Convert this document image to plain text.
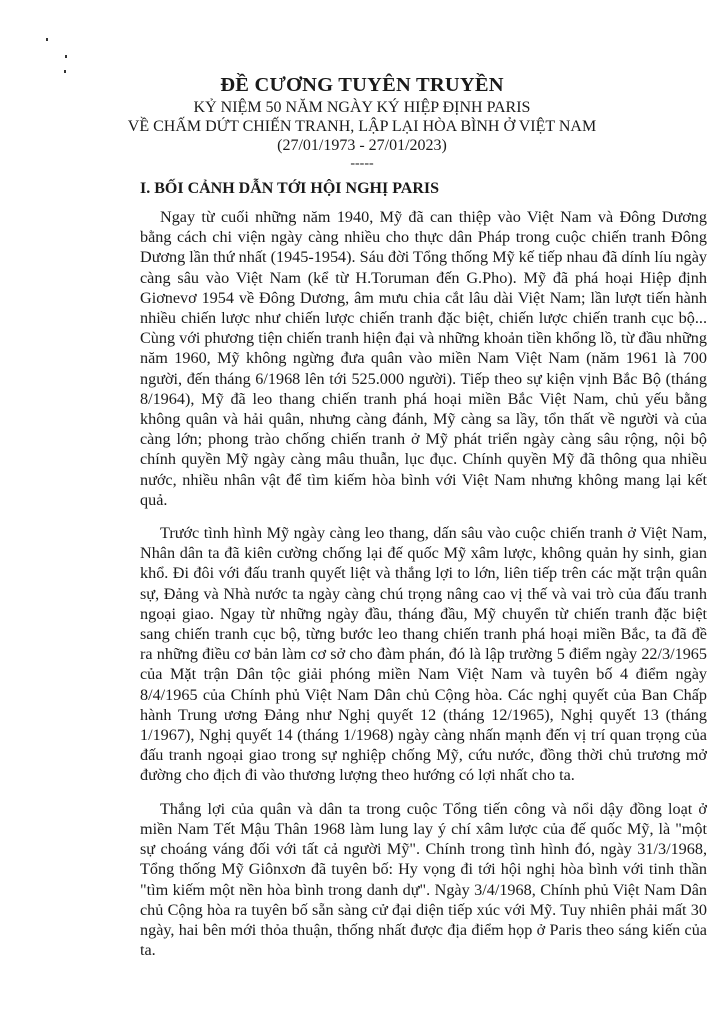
ĐỀ CƯƠNG TUYÊN TRUYỀN
KỶ NIỆM 50 NĂM NGÀY KÝ HIỆP ĐỊNH PARIS
VỀ CHẤM DỨT CHIẾN TRANH, LẬP LẠI HÒA BÌNH Ở VIỆT NAM
(27/01/1973 - 27/01/2023)
-----
I. BỐI CẢNH DẪN TỚI HỘI NGHỊ PARIS

Ngay từ cuối những năm 1940, Mỹ đã can thiệp vào Việt Nam và Đông Dương bằng cách chi viện ngày càng nhiều cho thực dân Pháp trong cuộc chiến tranh Đông Dương lần thứ nhất (1945-1954). Sáu đời Tổng thống Mỹ kế tiếp nhau đã dính líu ngày càng sâu vào Việt Nam (kể từ H.Toruman đến G.Pho). Mỹ đã phá hoại Hiệp định Giơnevơ 1954 về Đông Dương, âm mưu chia cắt lâu dài Việt Nam; lần lượt tiến hành nhiều chiến lược như chiến lược chiến tranh đặc biệt, chiến lược chiến tranh cục bộ... Cùng với phương tiện chiến tranh hiện đại và những khoản tiền khổng lồ, từ đầu những năm 1960, Mỹ không ngừng đưa quân vào miền Nam Việt Nam (năm 1961 là 700 người, đến tháng 6/1968 lên tới 525.000 người). Tiếp theo sự kiện vịnh Bắc Bộ (tháng 8/1964), Mỹ đã leo thang chiến tranh phá hoại miền Bắc Việt Nam, chủ yếu bằng không quân và hải quân, nhưng càng đánh, Mỹ càng sa lầy, tổn thất về người và của càng lớn; phong trào chống chiến tranh ở Mỹ phát triển ngày càng sâu rộng, nội bộ chính quyền Mỹ ngày càng mâu thuẫn, lục đục. Chính quyền Mỹ đã thông qua nhiều nước, nhiều nhân vật để tìm kiếm hòa bình với Việt Nam nhưng không mang lại kết quả.

Trước tình hình Mỹ ngày càng leo thang, dấn sâu vào cuộc chiến tranh ở Việt Nam, Nhân dân ta đã kiên cường chống lại đế quốc Mỹ xâm lược, không quản hy sinh, gian khổ. Đi đôi với đấu tranh quyết liệt và thắng lợi to lớn, liên tiếp trên các mặt trận quân sự, Đảng và Nhà nước ta ngày càng chú trọng nâng cao vị thế và vai trò của đấu tranh ngoại giao. Ngay từ những ngày đầu, tháng đầu, Mỹ chuyển từ chiến tranh đặc biệt sang chiến tranh cục bộ, từng bước leo thang chiến tranh phá hoại miền Bắc, ta đã đề ra những điều cơ bản làm cơ sở cho đàm phán, đó là lập trường 5 điểm ngày 22/3/1965 của Mặt trận Dân tộc giải phóng miền Nam Việt Nam và tuyên bố 4 điểm ngày 8/4/1965 của Chính phủ Việt Nam Dân chủ Cộng hòa. Các nghị quyết của Ban Chấp hành Trung ương Đảng như Nghị quyết 12 (tháng 12/1965), Nghị quyết 13 (tháng 1/1967), Nghị quyết 14 (tháng 1/1968) ngày càng nhấn mạnh đến vị trí quan trọng của đấu tranh ngoại giao trong sự nghiệp chống Mỹ, cứu nước, đồng thời chủ trương mở đường cho địch đi vào thương lượng theo hướng có lợi nhất cho ta.

Thắng lợi của quân và dân ta trong cuộc Tổng tiến công và nổi dậy đồng loạt ở miền Nam Tết Mậu Thân 1968 làm lung lay ý chí xâm lược của đế quốc Mỹ, là "một sự choáng váng đối với tất cả người Mỹ". Chính trong tình hình đó, ngày 31/3/1968, Tổng thống Mỹ Giônxơn đã tuyên bố: Hy vọng đi tới hội nghị hòa bình với tinh thần "tìm kiếm một nền hòa bình trong danh dự". Ngày 3/4/1968, Chính phủ Việt Nam Dân chủ Cộng hòa ra tuyên bố sẵn sàng cử đại diện tiếp xúc với Mỹ. Tuy nhiên phải mất 30 ngày, hai bên mới thỏa thuận, thống nhất được địa điểm họp ở Paris theo sáng kiến của ta.
